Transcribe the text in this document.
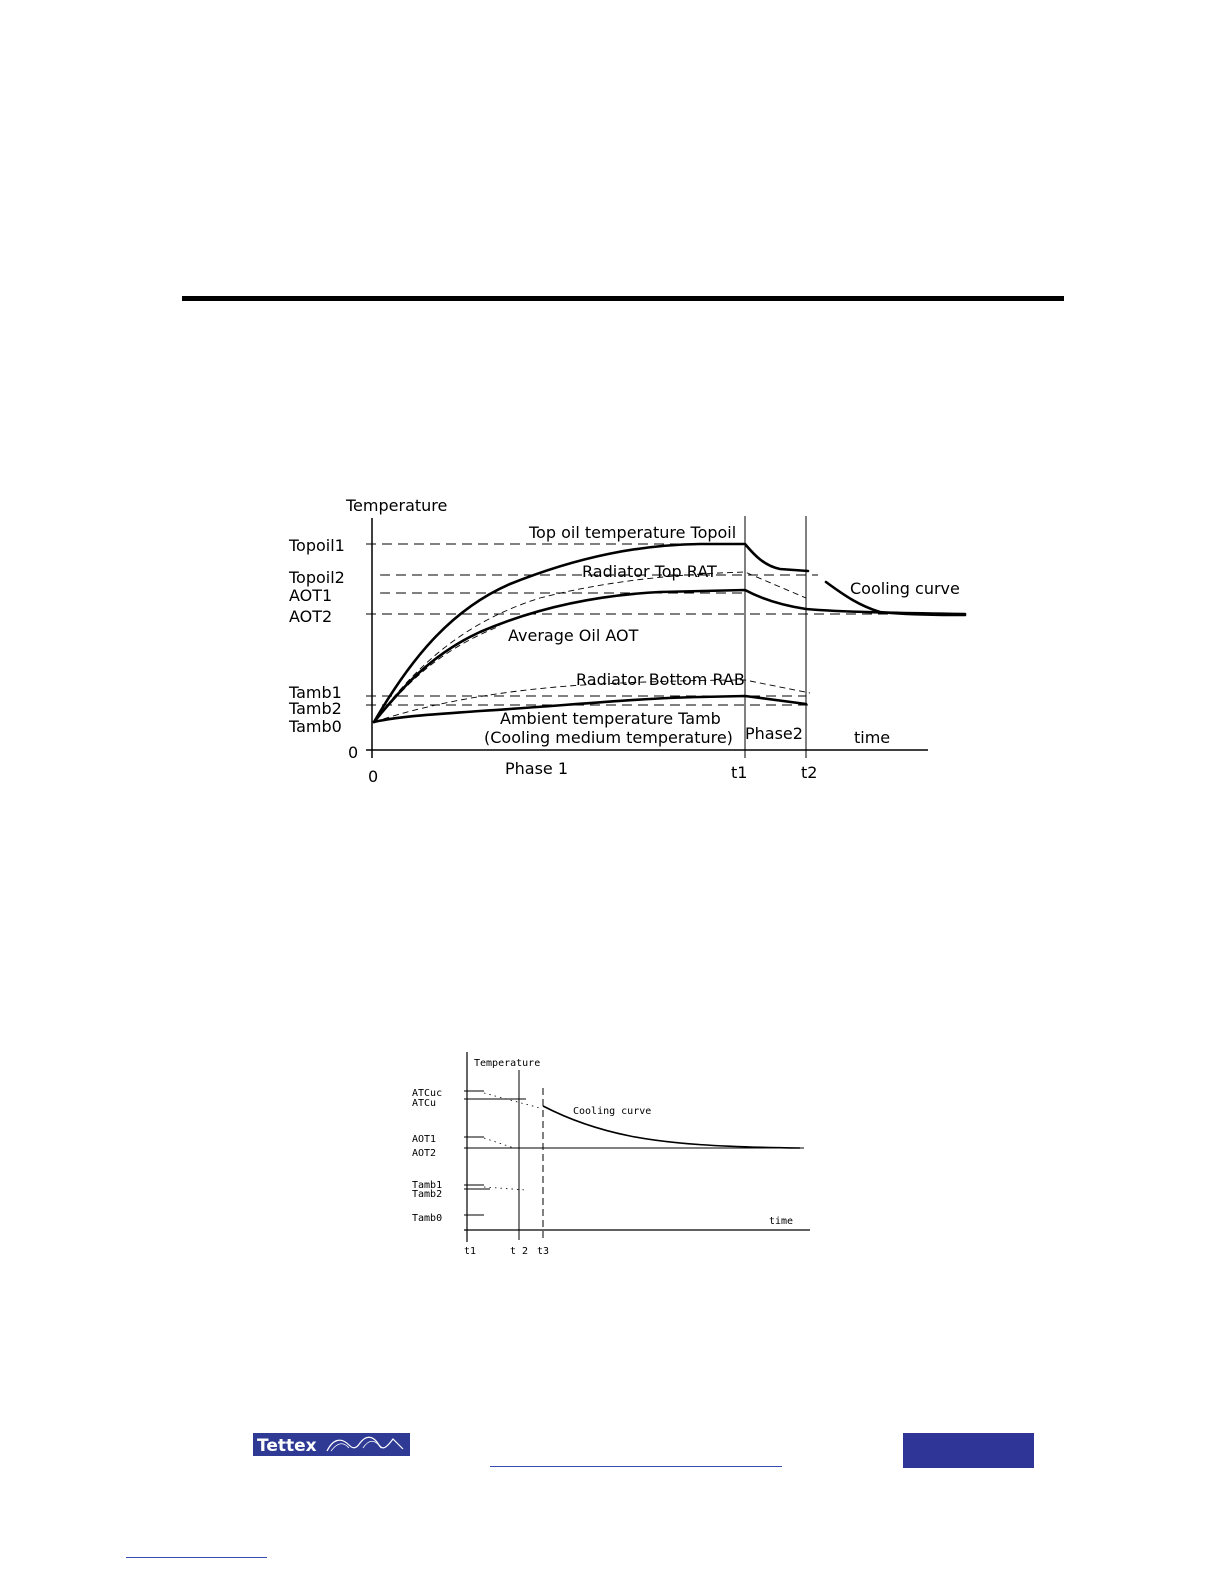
Temperature
Topoil1
Topoil2
AOT1
AOT2
Tamb1
Tamb2
Tamb0
0
Top oil temperature Topoil
Radiator Top RAT
Average Oil AOT
Radiator Bottom RAB
Ambient temperature Tamb
(Cooling medium temperature)
Cooling curve
Phase2	time
Phase 1
0	t1	t2
Temperature
ATCuc
ATCu
AOT1
AOT2
Tamb1
Tamb2
Tamb0
Cooling curve
time
t1	t 2 t3
Tettex
